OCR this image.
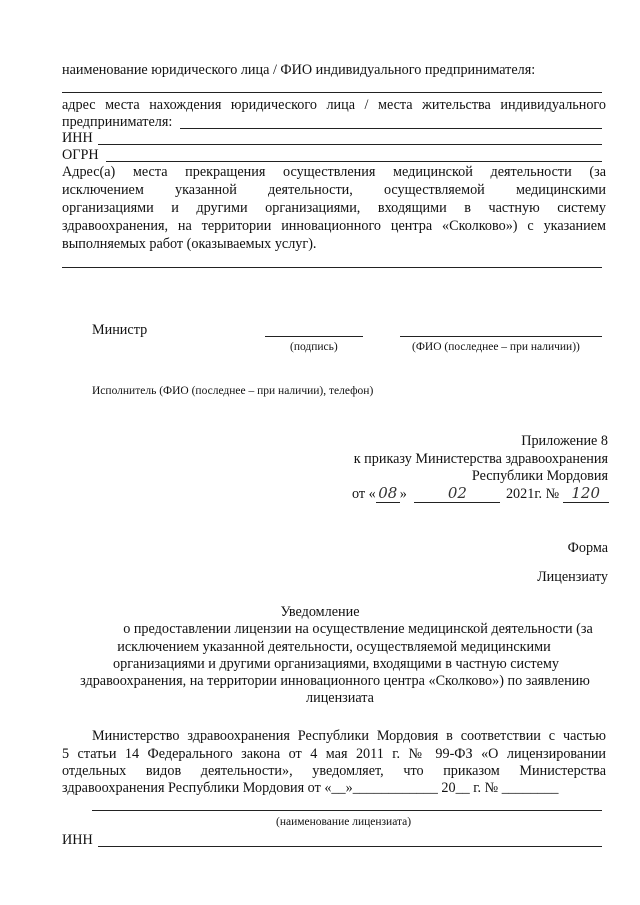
наименование юридического лица / ФИО индивидуального предпринимателя:
адрес места нахождения юридического лица / места жительства индивидуального
предпринимателя:
ИНН
ОГРН
Адрес(а) места прекращения осуществления медицинской деятельности (за
исключением указанной деятельности, осуществляемой медицинскими
организациями и другими организациями, входящими в частную систему
здравоохранения, на территории инновационного центра «Сколково») с указанием
выполняемых работ (оказываемых услуг).
Министр
(подпись)	(ФИО (последнее – при наличии))
Исполнитель (ФИО (последнее – при наличии), телефон)
Приложение 8
к приказу Министерства здравоохранения
Республики Мордовия
от « 08 »	02	2021г. № 120
Форма
Лицензиату
Уведомление
о предоставлении лицензии на осуществление медицинской деятельности (за
исключением указанной деятельности, осуществляемой медицинскими
организациями и другими организациями, входящими в частную систему
здравоохранения, на территории инновационного центра «Сколково») по заявлению
лицензиата
Министерство здравоохранения Республики Мордовия в соответствии с частью
5 статьи 14 Федерального закона от 4 мая 2011 г. № 99-ФЗ «О лицензировании
отдельных видов деятельности», уведомляет, что приказом Министерства
здравоохранения Республики Мордовия от «__»____________ 20__ г. № ________
(наименование лицензиата)
ИНН
